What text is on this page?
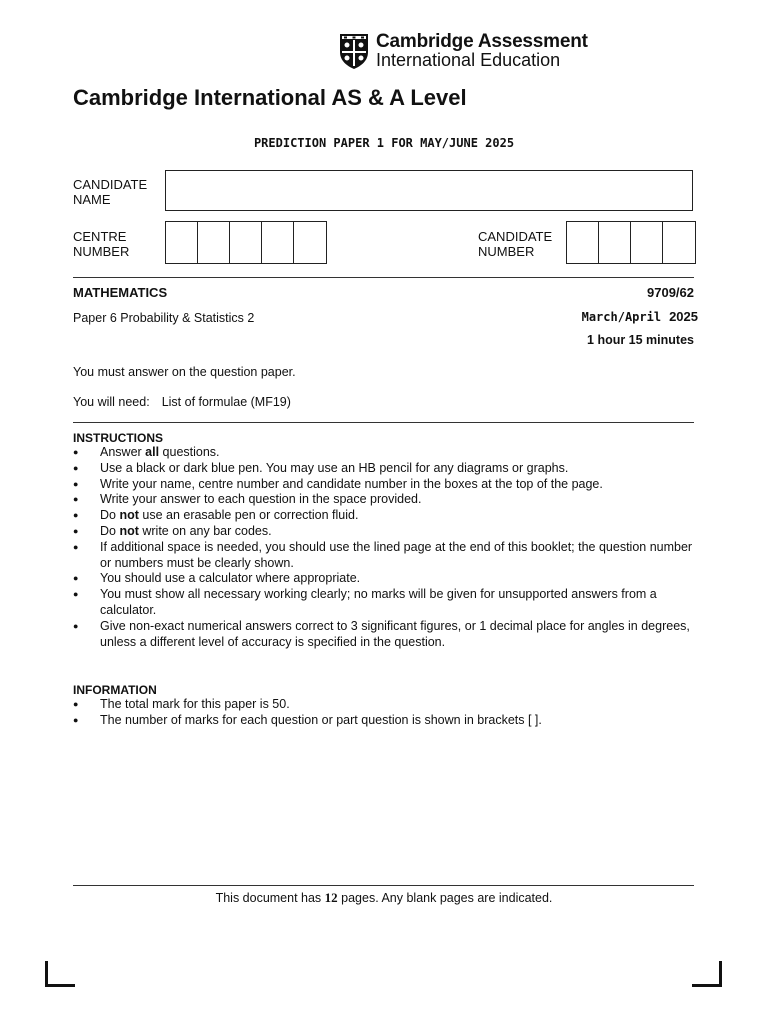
Cambridge Assessment
International Education
Cambridge International AS & A Level
PREDICTION PAPER 1 FOR MAY/JUNE 2025
CANDIDATE
NAME
CENTRE
NUMBER
CANDIDATE
NUMBER
MATHEMATICS	9709/62
Paper 6 Probability & Statistics 2	March/April 2025
1 hour 15 minutes
You must answer on the question paper.
You will need: List of formulae (MF19)
INSTRUCTIONS
● Answer all questions.
● Use a black or dark blue pen. You may use an HB pencil for any diagrams or graphs.
● Write your name, centre number and candidate number in the boxes at the top of the page.
● Write your answer to each question in the space provided.
● Do not use an erasable pen or correction fluid.
● Do not write on any bar codes.
● If additional space is needed, you should use the lined page at the end of this booklet; the question number or numbers must be clearly shown.
● You should use a calculator where appropriate.
● You must show all necessary working clearly; no marks will be given for unsupported answers from a calculator.
● Give non-exact numerical answers correct to 3 significant figures, or 1 decimal place for angles in degrees, unless a different level of accuracy is specified in the question.
INFORMATION
● The total mark for this paper is 50.
● The number of marks for each question or part question is shown in brackets [ ].
This document has 12 pages. Any blank pages are indicated.
